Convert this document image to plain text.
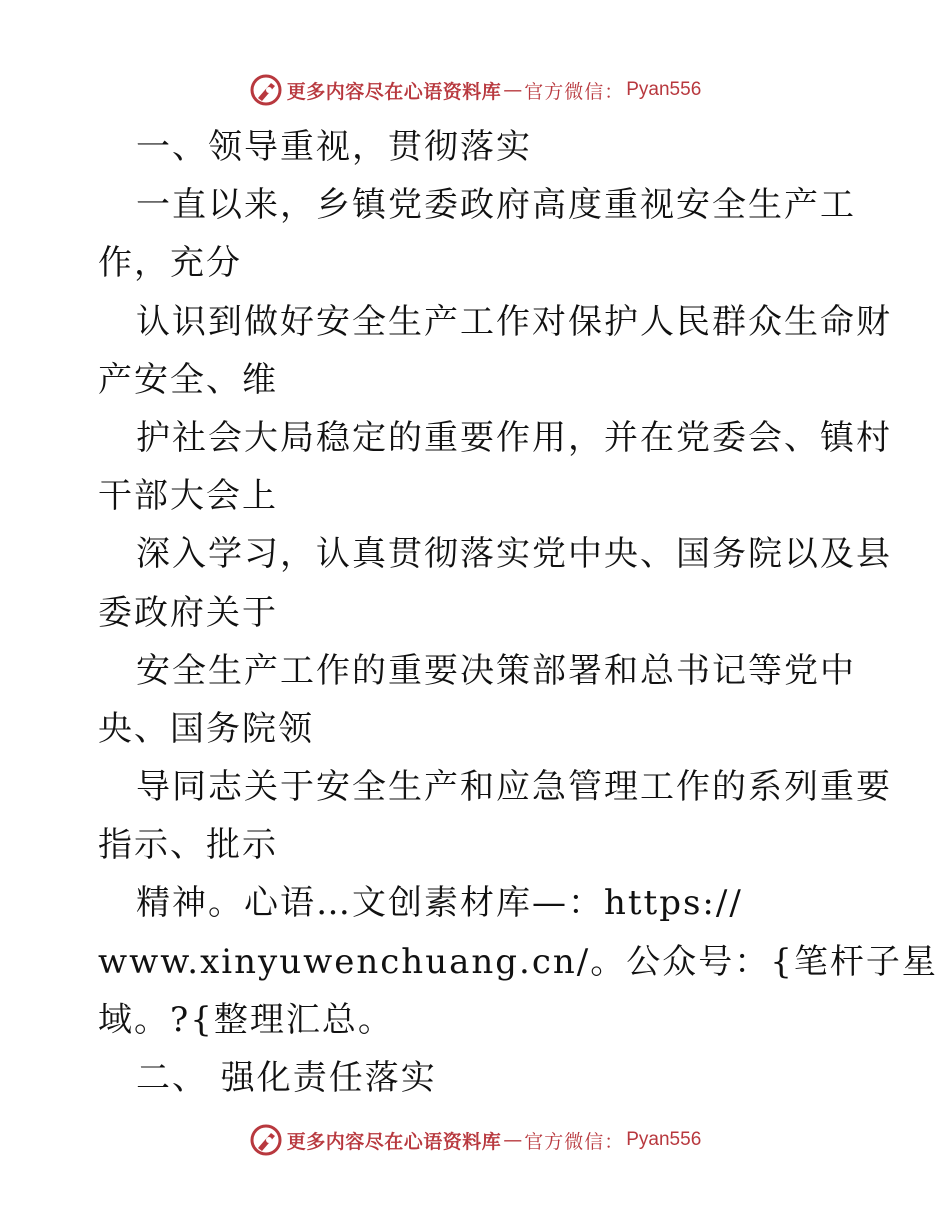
更多内容尽在心语资料库 — 官方微信： Pyan556
一、领导重视，贯彻落实
一直以来，乡镇党委政府高度重视安全生产工
作，充分
认识到做好安全生产工作对保护人民群众生命财
产安全、维
护社会大局稳定的重要作用，并在党委会、镇村
干部大会上
深入学习，认真贯彻落实党中央、国务院以及县
委政府关于
安全生产工作的重要决策部署和总书记等党中
央、国务院领
导同志关于安全生产和应急管理工作的系列重要
指示、批示
精神。心语…文创素材库—：https://
www.xinyuwenchuang.cn/。公众号：{笔杆子星
域。?{整理汇总。
二、 强化责任落实
更多内容尽在心语资料库 — 官方微信： Pyan556
